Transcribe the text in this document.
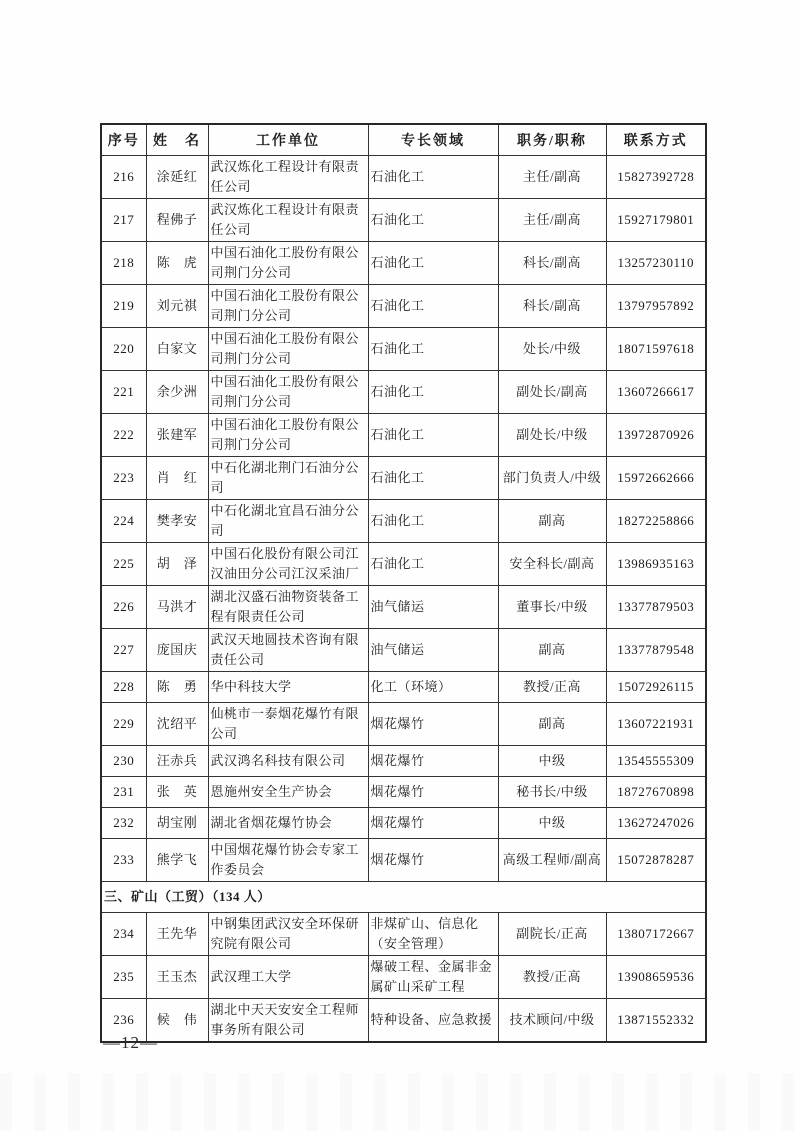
序号	姓　名	工作单位	专长领域	职务/职称	联系方式
216	涂延红	武汉炼化工程设计有限责任公司	石油化工	主任/副高	15827392728
217	程佛子	武汉炼化工程设计有限责任公司	石油化工	主任/副高	15927179801
218	陈　虎	中国石油化工股份有限公司荆门分公司	石油化工	科长/副高	13257230110
219	刘元祺	中国石油化工股份有限公司荆门分公司	石油化工	科长/副高	13797957892
220	白家文	中国石油化工股份有限公司荆门分公司	石油化工	处长/中级	18071597618
221	余少洲	中国石油化工股份有限公司荆门分公司	石油化工	副处长/副高	13607266617
222	张建军	中国石油化工股份有限公司荆门分公司	石油化工	副处长/中级	13972870926
223	肖　红	中石化湖北荆门石油分公司	石油化工	部门负责人/中级	15972662666
224	樊孝安	中石化湖北宜昌石油分公司	石油化工	副高	18272258866
225	胡　泽	中国石化股份有限公司江汉油田分公司江汉采油厂	石油化工	安全科长/副高	13986935163
226	马洪才	湖北汉盛石油物资装备工程有限责任公司	油气储运	董事长/中级	13377879503
227	庞国庆	武汉天地圆技术咨询有限责任公司	油气储运	副高	13377879548
228	陈　勇	华中科技大学	化工（环境）	教授/正高	15072926115
229	沈绍平	仙桃市一泰烟花爆竹有限公司	烟花爆竹	副高	13607221931
230	汪赤兵	武汉鸿名科技有限公司	烟花爆竹	中级	13545555309
231	张　英	恩施州安全生产协会	烟花爆竹	秘书长/中级	18727670898
232	胡宝刚	湖北省烟花爆竹协会	烟花爆竹	中级	13627247026
233	熊学飞	中国烟花爆竹协会专家工作委员会	烟花爆竹	高级工程师/副高	15072878287
三、矿山（工贸）（134 人）					
234	王先华	中钢集团武汉安全环保研究院有限公司	非煤矿山、信息化（安全管理）	副院长/正高	13807172667
235	王玉杰	武汉理工大学	爆破工程、金属非金属矿山采矿工程	教授/正高	13908659536
236	候　伟	湖北中天天安安全工程师事务所有限公司	特种设备、应急救援	技术顾问/中级	13871552332
—12—
